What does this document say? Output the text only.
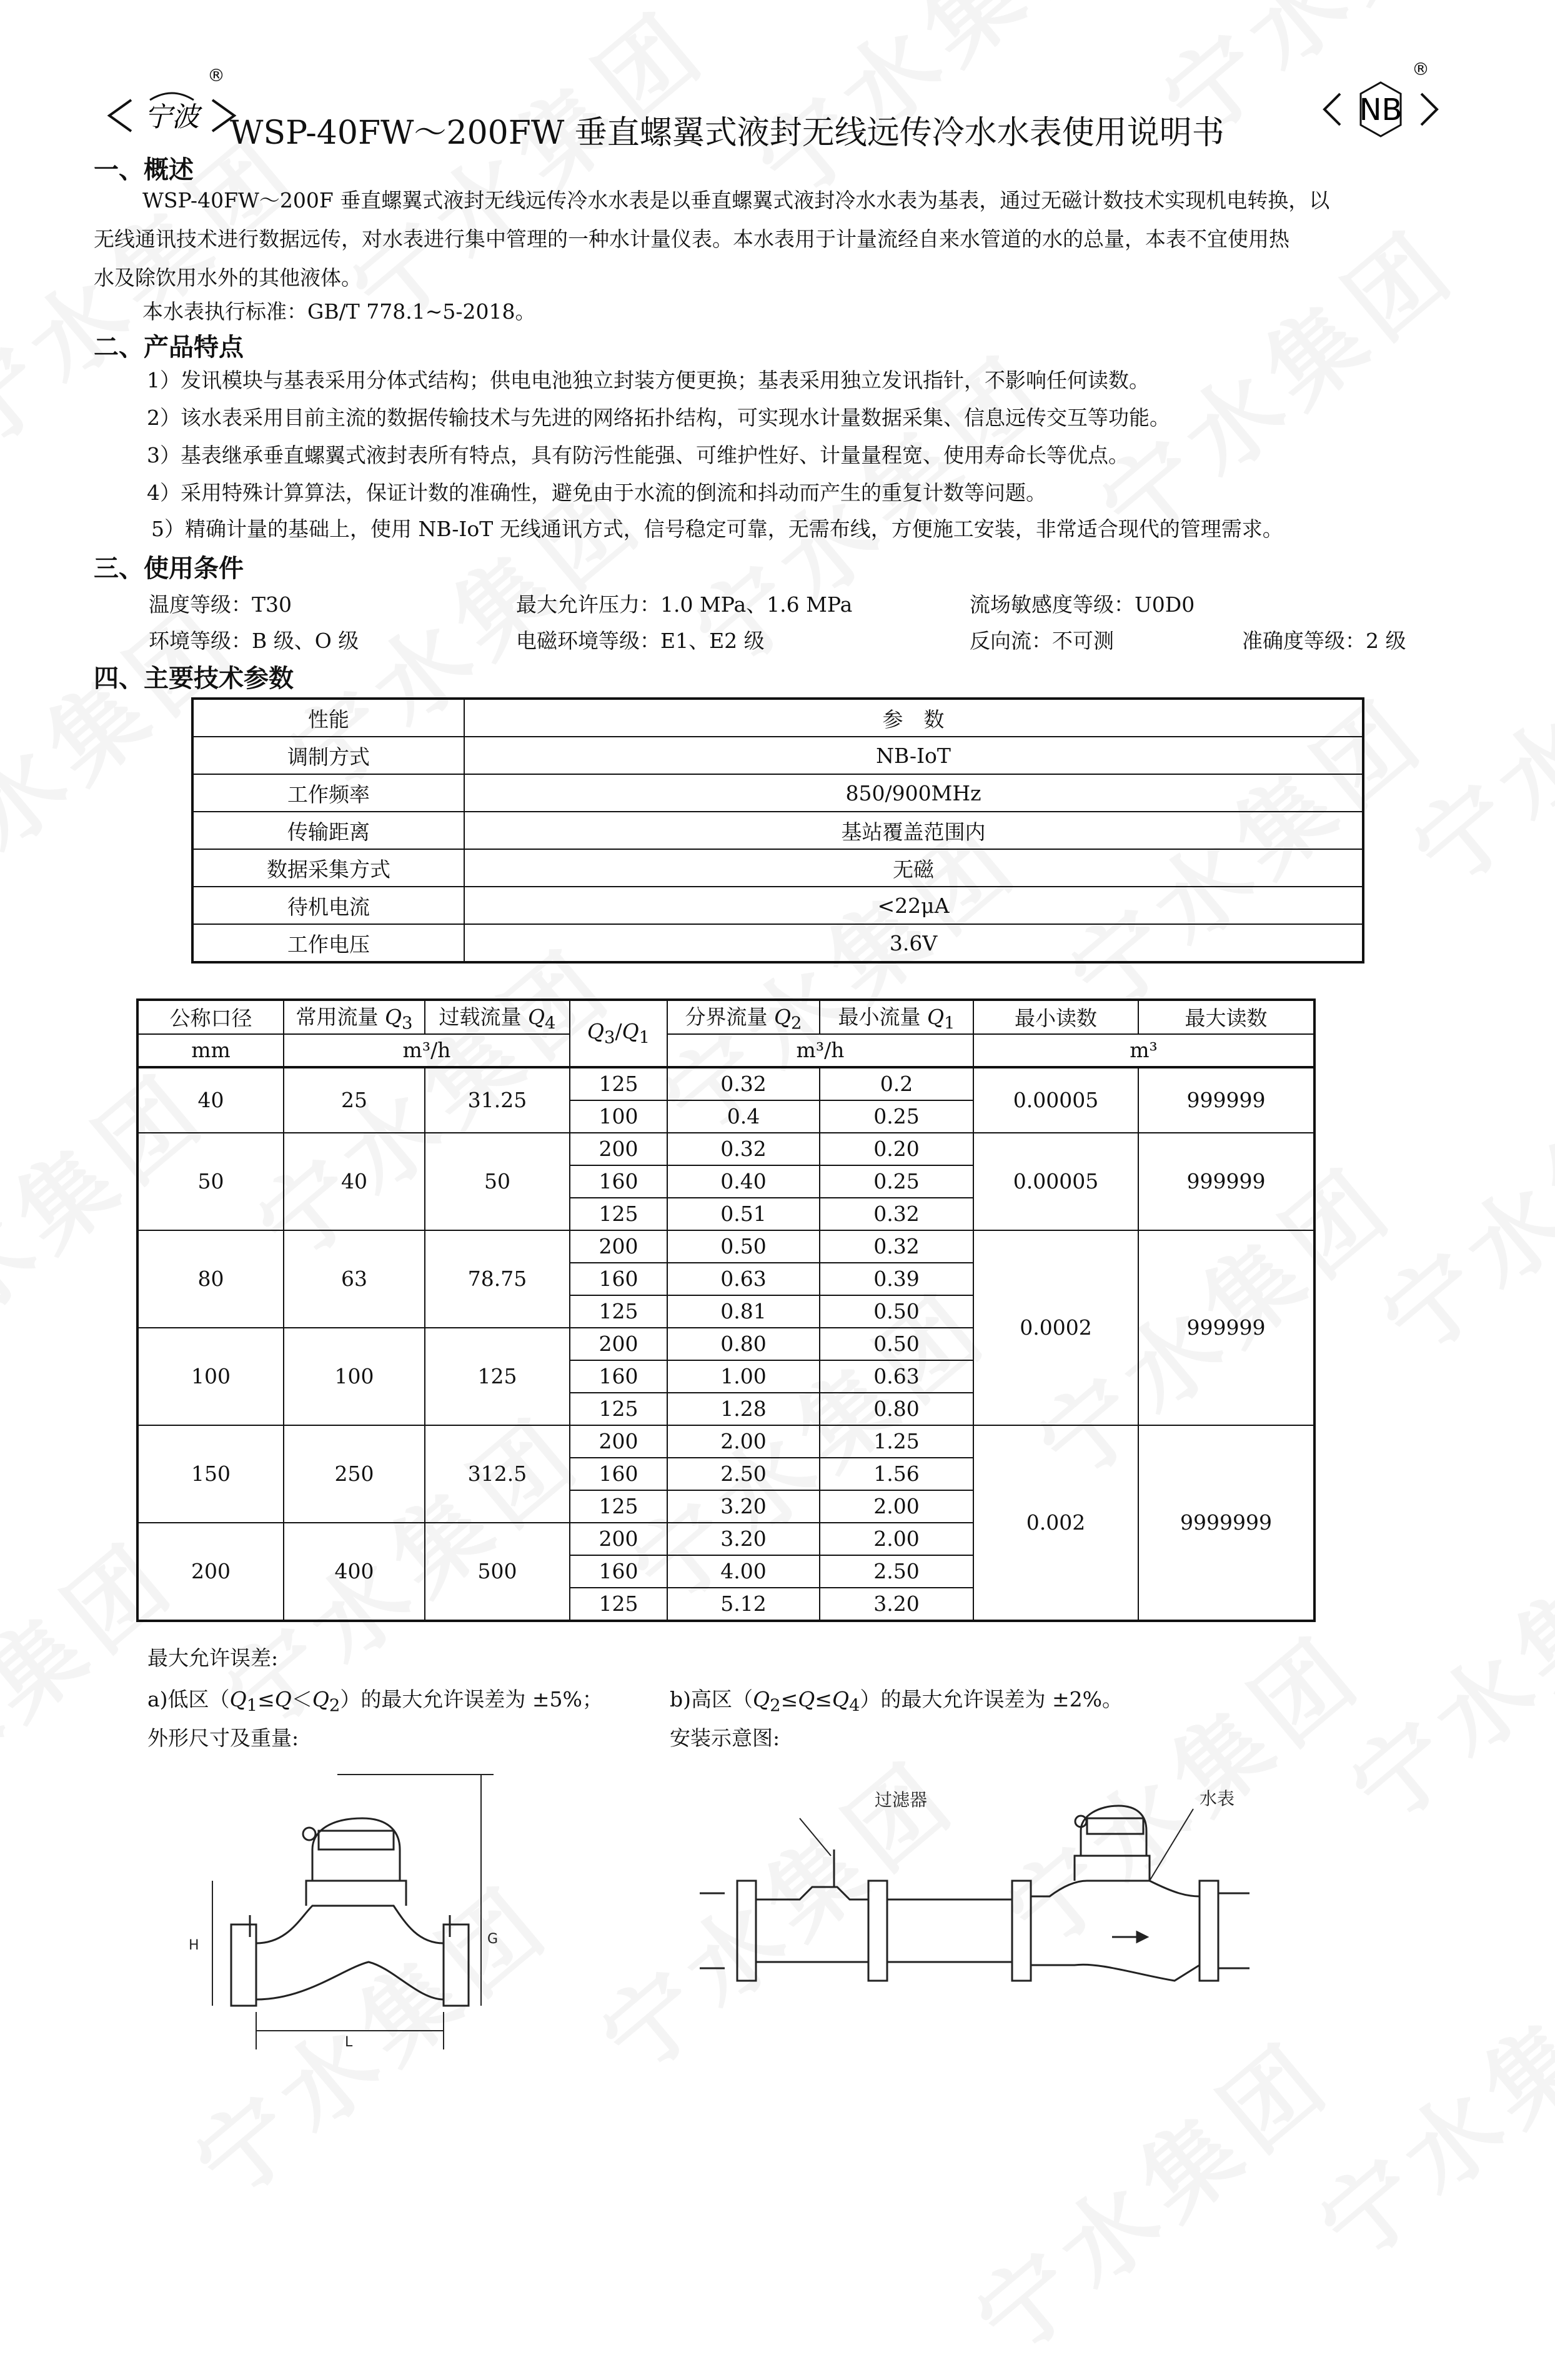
宁波
®
WSP-40FW～200FW 垂直螺翼式液封无线远传冷水水表使用说明书
NB
®
一、概述
WSP-40FW～200F 垂直螺翼式液封无线远传冷水水表是以垂直螺翼式液封冷水水表为基表，通过无磁计数技术实现机电转换，以
无线通讯技术进行数据远传，对水表进行集中管理的一种水计量仪表。本水表用于计量流经自来水管道的水的总量，本表不宜使用热
水及除饮用水外的其他液体。
本水表执行标准：GB/T 778.1~5-2018。
二、产品特点
1）发讯模块与基表采用分体式结构；供电电池独立封装方便更换；基表采用独立发讯指针，不影响任何读数。
2）该水表采用目前主流的数据传输技术与先进的网络拓扑结构，可实现水计量数据采集、信息远传交互等功能。
3）基表继承垂直螺翼式液封表所有特点，具有防污性能强、可维护性好、计量量程宽、使用寿命长等优点。
4）采用特殊计算算法，保证计数的准确性，避免由于水流的倒流和抖动而产生的重复计数等问题。
5）精确计量的基础上，使用 NB-IoT 无线通讯方式，信号稳定可靠，无需布线，方便施工安装，非常适合现代的管理需求。
三、使用条件
温度等级：T30	最大允许压力：1.0 MPa、1.6 MPa	流场敏感度等级：U0D0
环境等级：B 级、O 级	电磁环境等级：E1、E2 级	反向流：不可测	准确度等级：2 级
四、主要技术参数
性能	参　数
调制方式	NB-IoT
工作频率	850/900MHz
传输距离	基站覆盖范围内
数据采集方式	无磁
待机电流	<22μA
工作电压	3.6V
公称口径	常用流量 $Q_3$	过载流量 $Q_4$	$Q_3/Q_1$	分界流量 $Q_2$	最小流量 $Q_1$	最小读数	最大读数
mm	m³/h			m³/h		m³	
40	25	31.25	125	0.32	0.2	0.00005	999999
			100	0.4	0.25		
50	40	50	200	0.32	0.20	0.00005	999999
			160	0.40	0.25		
			125	0.51	0.32		
80	63	78.75	200	0.50	0.32	0.0002	999999
			160	0.63	0.39		
			125	0.81	0.50		
100	100	125	200	0.80	0.50		
			160	1.00	0.63		
			125	1.28	0.80		
150	250	312.5	200	2.00	1.25	0.002	9999999
			160	2.50	1.56		
			125	3.20	2.00		
200	400	500	200	3.20	2.00		
			160	4.00	2.50		
			125	5.12	3.20		
最大允许误差:
a)低区$(Q_1\le Q<Q_2)$的最大允许误差为 ±5%；	b)高区$(Q_2\le Q\le Q_4)$的最大允许误差为 ±2%。
外形尺寸及重量:	安装示意图:
H	G
L
过滤器	水表
